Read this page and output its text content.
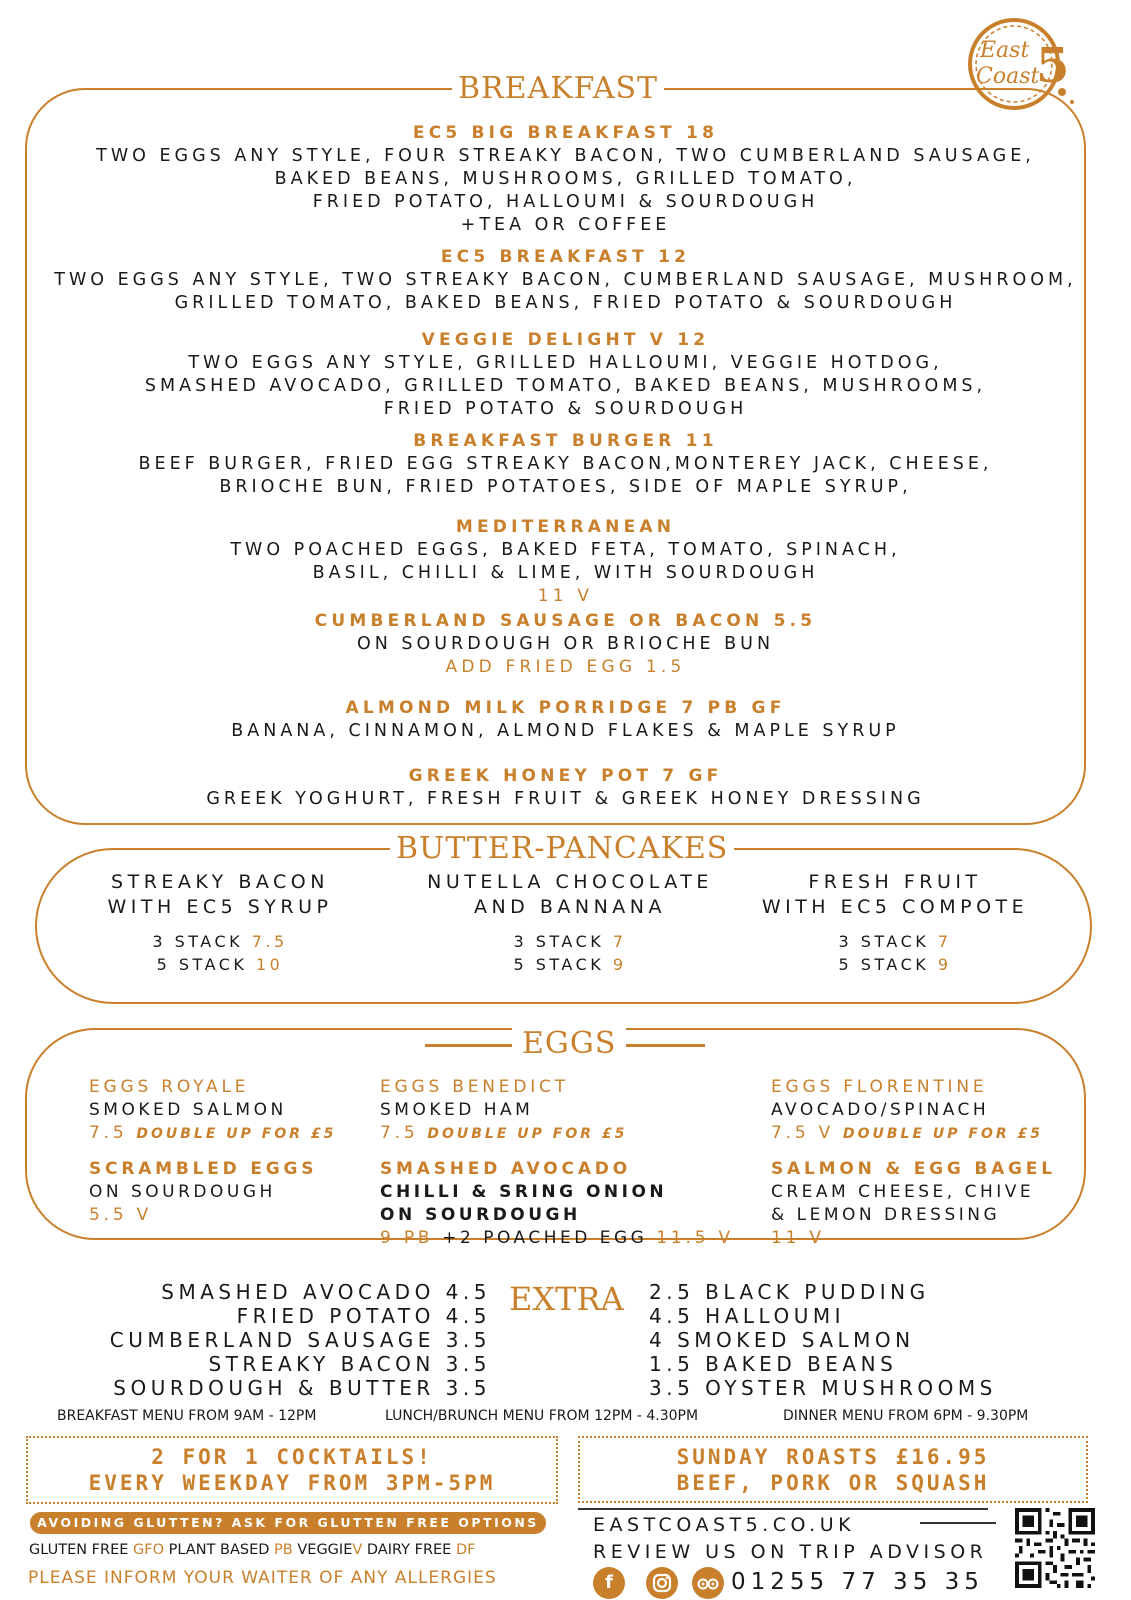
East
Coast
5
BREAKFAST
EC5 BIG BREAKFAST 18
TWO EGGS ANY STYLE, FOUR STREAKY BACON, TWO CUMBERLAND SAUSAGE,
BAKED BEANS, MUSHROOMS, GRILLED TOMATO,
FRIED POTATO, HALLOUMI & SOURDOUGH
+TEA OR COFFEE
EC5 BREAKFAST 12
TWO EGGS ANY STYLE, TWO STREAKY BACON, CUMBERLAND SAUSAGE, MUSHROOM,
GRILLED TOMATO, BAKED BEANS, FRIED POTATO & SOURDOUGH
VEGGIE DELIGHT V 12
TWO EGGS ANY STYLE, GRILLED HALLOUMI, VEGGIE HOTDOG,
SMASHED AVOCADO, GRILLED TOMATO, BAKED BEANS, MUSHROOMS,
FRIED POTATO & SOURDOUGH
BREAKFAST BURGER 11
BEEF BURGER, FRIED EGG STREAKY BACON,MONTEREY JACK, CHEESE,
BRIOCHE BUN, FRIED POTATOES, SIDE OF MAPLE SYRUP,
MEDITERRANEAN
TWO POACHED EGGS, BAKED FETA, TOMATO, SPINACH,
BASIL, CHILLI & LIME, WITH SOURDOUGH
11 V
CUMBERLAND SAUSAGE OR BACON 5.5
ON SOURDOUGH OR BRIOCHE BUN
ADD FRIED EGG 1.5
ALMOND MILK PORRIDGE 7 PB GF
BANANA, CINNAMON, ALMOND FLAKES & MAPLE SYRUP
GREEK HONEY POT 7 GF
GREEK YOGHURT, FRESH FRUIT & GREEK HONEY DRESSING
BUTTER-PANCAKES
STREAKY BACON
WITH EC5 SYRUP
3 STACK 7.5
5 STACK 10
NUTELLA CHOCOLATE
AND BANNANA
3 STACK 7
5 STACK 9
FRESH FRUIT
WITH EC5 COMPOTE
3 STACK 7
5 STACK 9
EGGS
EGGS ROYALE
SMOKED SALMON
7.5 DOUBLE UP FOR £5
EGGS BENEDICT
SMOKED HAM
7.5 DOUBLE UP FOR £5
EGGS FLORENTINE
AVOCADO/SPINACH
7.5 V DOUBLE UP FOR £5
SCRAMBLED EGGS
ON SOURDOUGH
5.5 V
SMASHED AVOCADO
CHILLI & SRING ONION
ON SOURDOUGH
9 PB +2 POACHED EGG 11.5 V
SALMON & EGG BAGEL
CREAM CHEESE, CHIVE
& LEMON DRESSING
11 V
SMASHED AVOCADO 4.5
FRIED POTATO 4.5
CUMBERLAND SAUSAGE 3.5
STREAKY BACON 3.5
SOURDOUGH & BUTTER 3.5
EXTRA 2.5 BLACK PUDDING
4.5 HALLOUMI
4 SMOKED SALMON
1.5 BAKED BEANS
3.5 OYSTER MUSHROOMS
BREAKFAST MENU FROM 9AM - 12PM	LUNCH/BRUNCH MENU FROM 12PM - 4.30PM	DINNER MENU FROM 6PM - 9.30PM
2 FOR 1 COCKTAILS!
EVERY WEEKDAY FROM 3PM-5PM
SUNDAY ROASTS £16.95
BEEF, PORK OR SQUASH
AVOIDING GLUTTEN? ASK FOR GLUTTEN FREE OPTIONS
GLUTEN FREE GFO PLANT BASED PB VEGGIEV DAIRY FREE DF
PLEASE INFORM YOUR WAITER OF ANY ALLERGIES
EASTCOAST5.CO.UK
REVIEW US ON TRIP ADVISOR
f	01255 77 35 35
